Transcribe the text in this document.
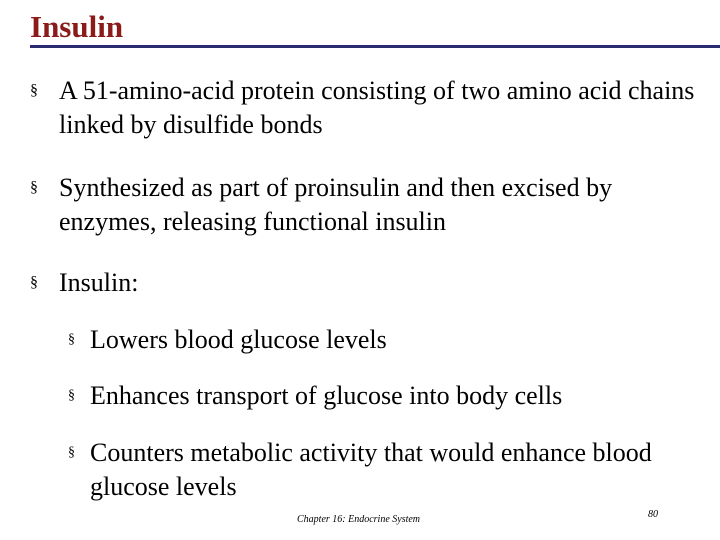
Insulin
§ A 51-amino-acid protein consisting of two amino acid chains linked by disulfide bonds
§ Synthesized as part of proinsulin and then excised by enzymes, releasing functional insulin
§ Insulin:
§ Lowers blood glucose levels
§ Enhances transport of glucose into body cells
§ Counters metabolic activity that would enhance blood glucose levels
Chapter 16: Endocrine System	80
